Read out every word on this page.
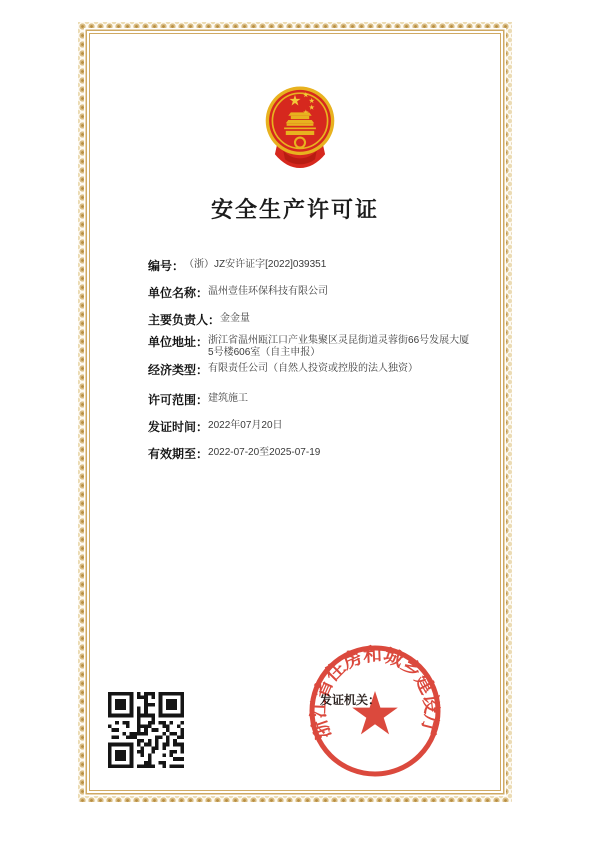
安全生产许可证
编号： （浙）JZ安许证字[2022]039351
单位名称： 温州壹佳环保科技有限公司
主要负责人： 金金量
单位地址： 浙江省温州瓯江口产业集聚区灵昆街道灵蓉街66号发展大厦5号楼606室（自主申报）
经济类型： 有限责任公司（自然人投资或控股的法人独资）
许可范围： 建筑施工
发证时间： 2022年07月20日
有效期至： 2022-07-20至2025-07-19
发证机关：
浙江省住房和城乡建设厅
